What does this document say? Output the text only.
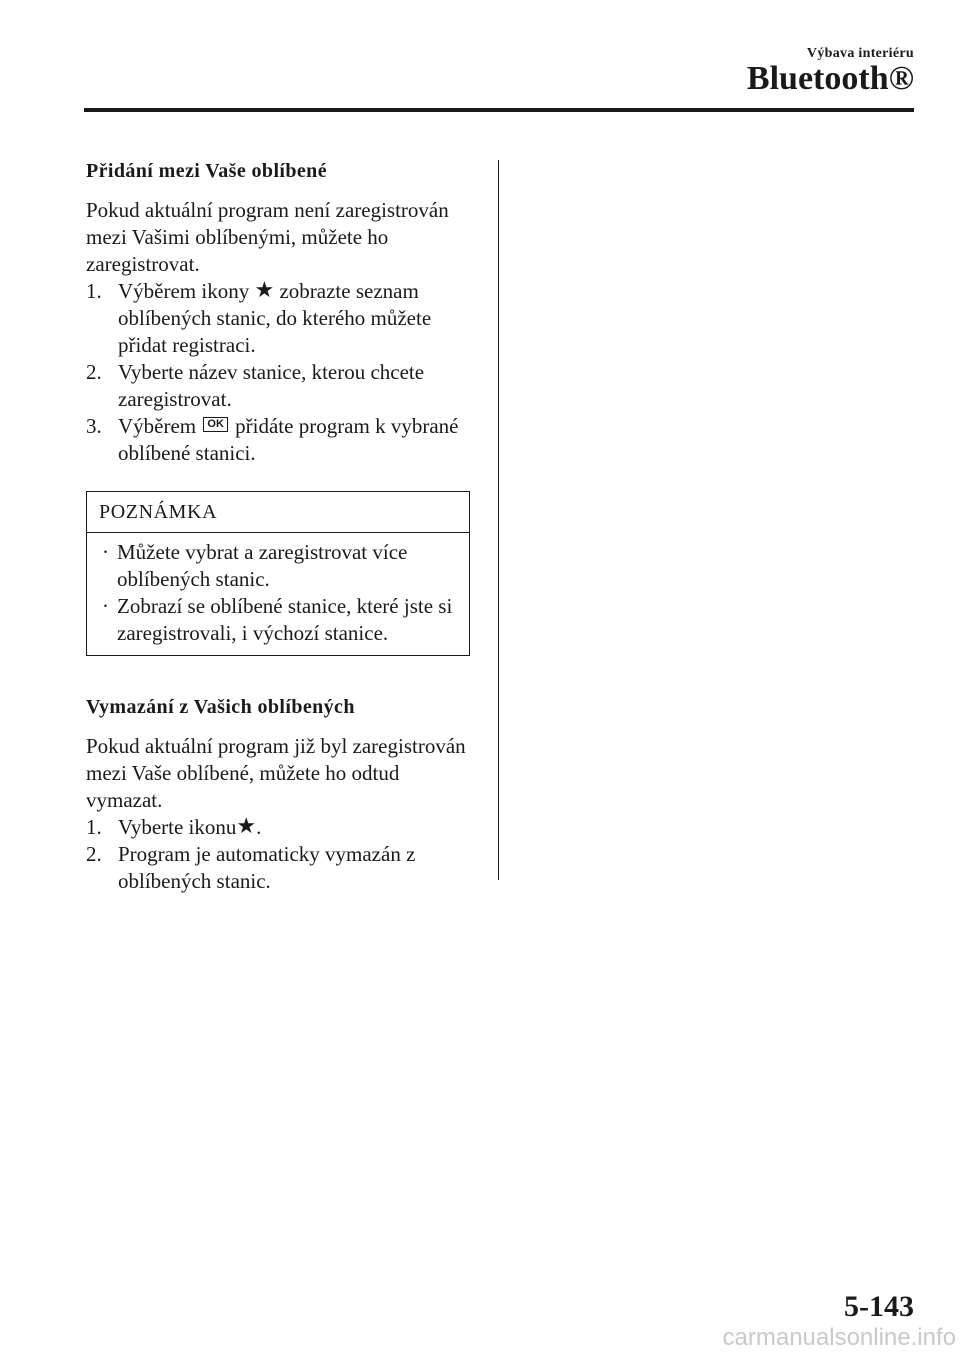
Výbava interiéru
Bluetooth®
Přidání mezi Vaše oblíbené

Pokud aktuální program není zaregistrován mezi Vašimi oblíbenými, můžete ho zaregistrovat.

1. Výběrem ikony ★ zobrazte seznam oblíbených stanic, do kterého můžete přidat registraci.
2. Vyberte název stanice, kterou chcete zaregistrovat.
3. Výběrem OK přidáte program k vybrané oblíbené stanici.
POZNÁMKA
· Můžete vybrat a zaregistrovat více oblíbených stanic.
· Zobrazí se oblíbené stanice, které jste si zaregistrovali, i výchozí stanice.
Vymazání z Vašich oblíbených

Pokud aktuální program již byl zaregistrován mezi Vaše oblíbené, můžete ho odtud vymazat.

1. Vyberte ikonu★.
2. Program je automaticky vymazán z oblíbených stanic.
5-143
carmanualsonline.info
